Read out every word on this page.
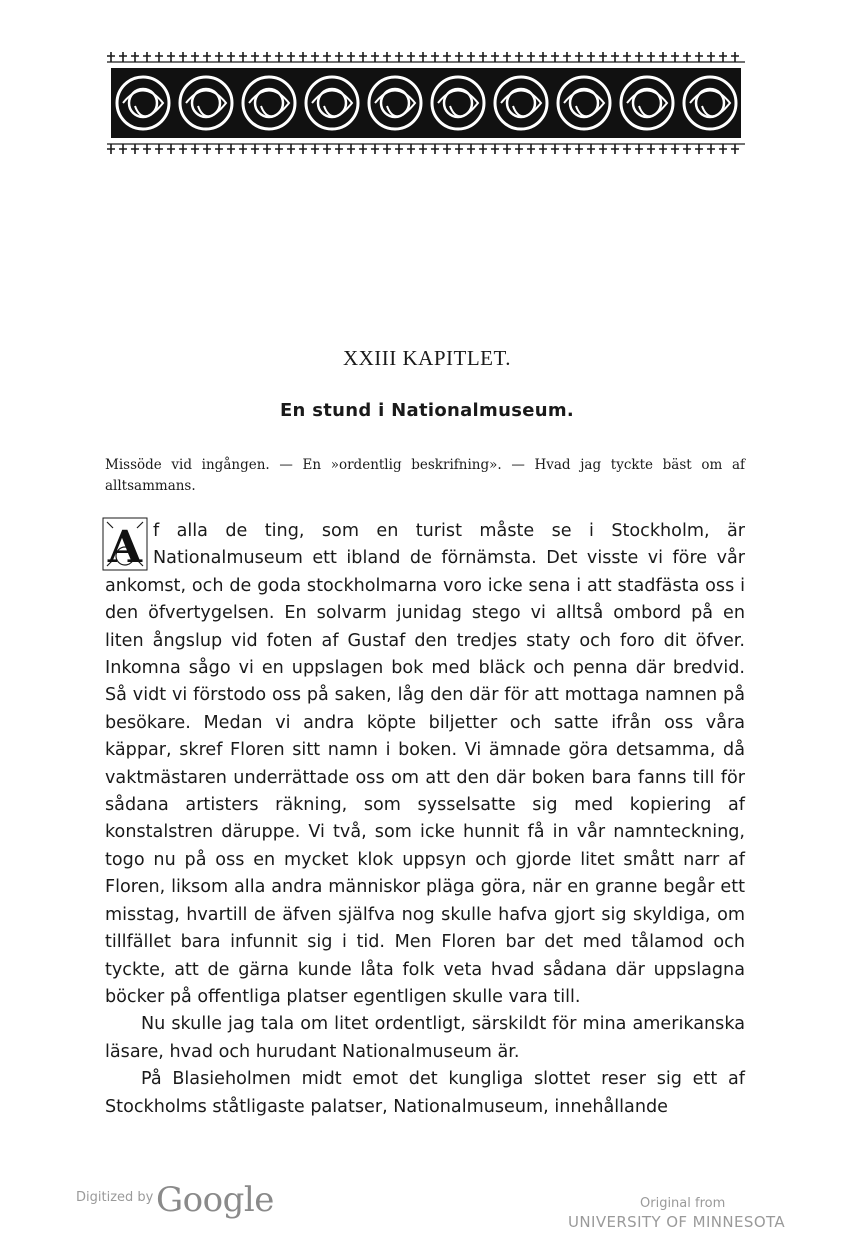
XXIII KAPITLET.
En stund i Nationalmuseum.
Missöde vid ingången. — En »ordentlig beskrifning». — Hvad jag tyckte bäst om af alltsammans.

A f alla de ting, som en turist måste se i Stockholm, är Nationalmuseum ett ibland de förnämsta. Det visste vi före vår ankomst, och de goda stockholmarna voro icke sena i att stadfästa oss i den öfvertygelsen. En solvarm junidag stego vi alltså ombord på en liten ångslup vid foten af Gustaf den tredjes staty och foro dit öfver. Inkomna sågo vi en uppslagen bok med bläck och penna där bredvid. Så vidt vi förstodo oss på saken, låg den där för att mottaga namnen på besökare. Medan vi andra köpte biljetter och satte ifrån oss våra käppar, skref Floren sitt namn i boken. Vi ämnade göra detsamma, då vaktmästaren underrättade oss om att den där boken bara fanns till för sådana artisters räkning, som sysselsatte sig med kopiering af konstalstren däruppe. Vi två, som icke hunnit få in vår namnteckning, togo nu på oss en mycket klok uppsyn och gjorde litet smått narr af Floren, liksom alla andra människor pläga göra, när en granne begår ett misstag, hvartill de äfven själfva nog skulle hafva gjort sig skyldiga, om tillfället bara infunnit sig i tid. Men Floren bar det med tålamod och tyckte, att de gärna kunde låta folk veta hvad sådana där uppslagna böcker på offentliga platser egentligen skulle vara till.

Nu skulle jag tala om litet ordentligt, särskildt för mina amerikanska läsare, hvad och hurudant Nationalmuseum är.

På Blasieholmen midt emot det kungliga slottet reser sig ett af Stockholms ståtligaste palatser, Nationalmuseum, innehållande

Digitized by Google	Original from
UNIVERSITY OF MINNESOTA
